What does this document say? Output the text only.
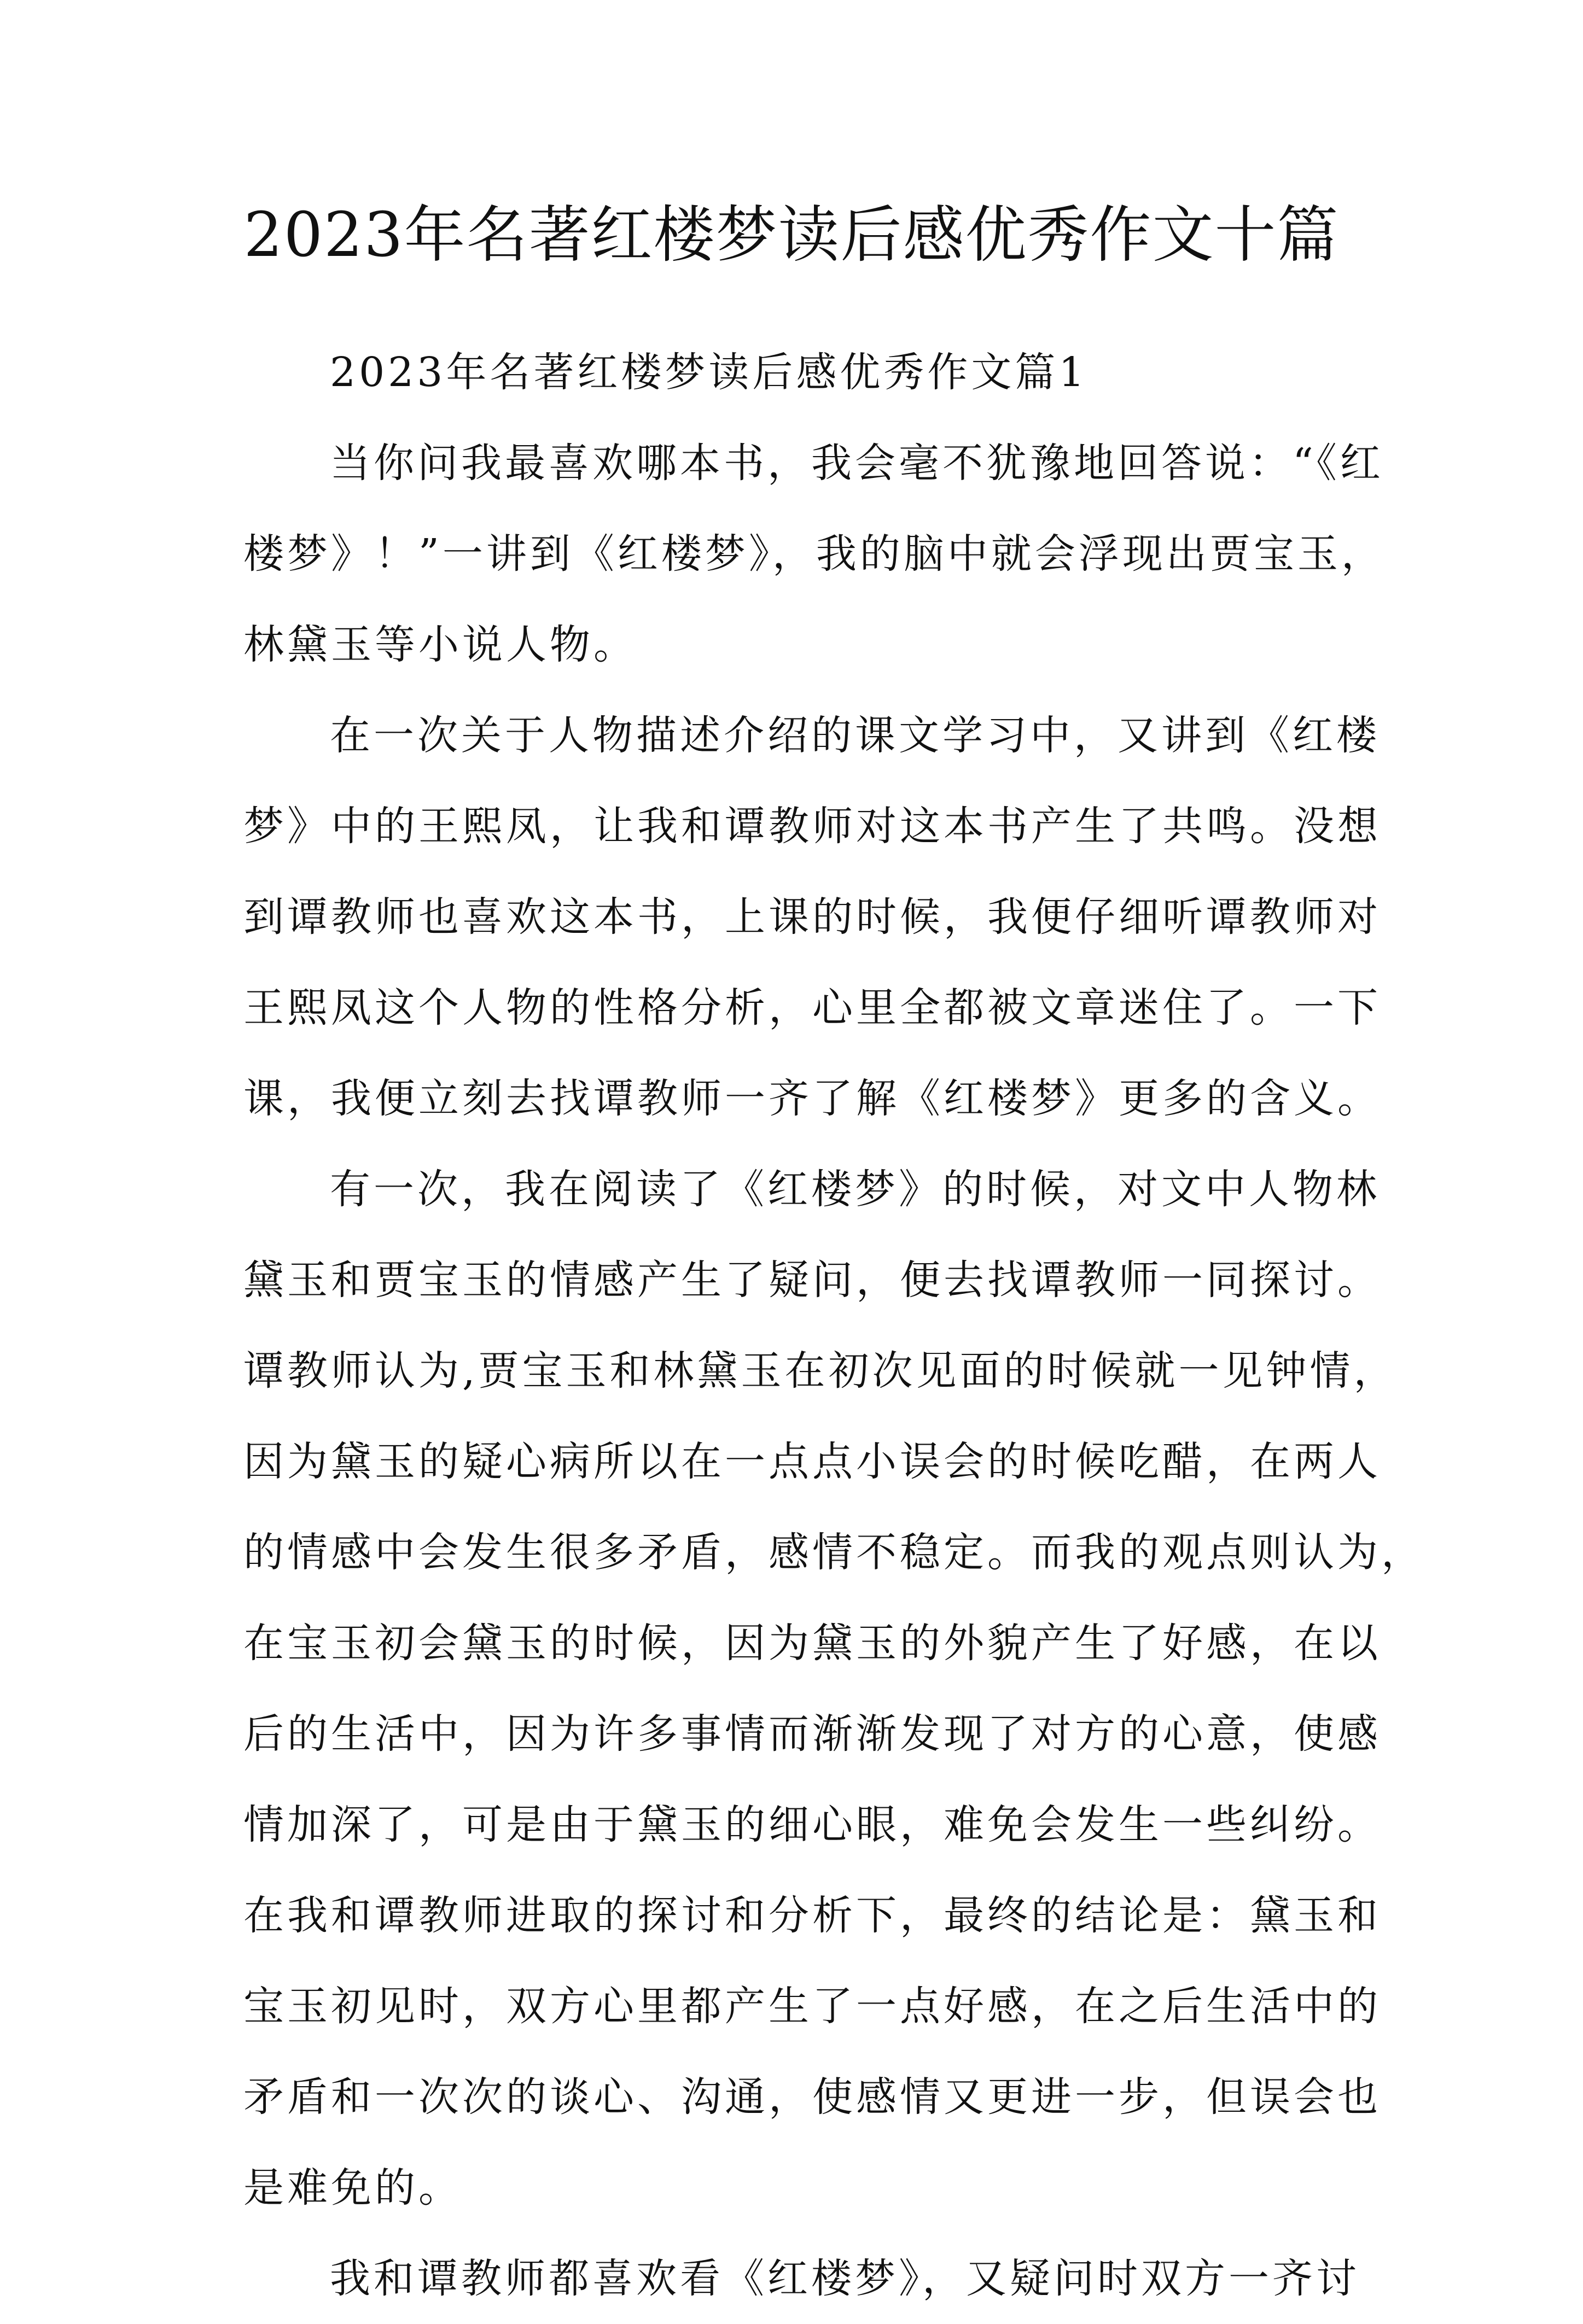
2023年名著红楼梦读后感优秀作文十篇
2023年名著红楼梦读后感优秀作文篇1
当你问我最喜欢哪本书，我会毫不犹豫地回答说：“《红
楼梦》！”一讲到《红楼梦》，我的脑中就会浮现出贾宝玉，
林黛玉等小说人物。
在一次关于人物描述介绍的课文学习中，又讲到《红楼
梦》中的王熙凤，让我和谭教师对这本书产生了共鸣。没想
到谭教师也喜欢这本书，上课的时候，我便仔细听谭教师对
王熙凤这个人物的性格分析，心里全都被文章迷住了。一下
课，我便立刻去找谭教师一齐了解《红楼梦》更多的含义。
有一次，我在阅读了《红楼梦》的时候，对文中人物林
黛玉和贾宝玉的情感产生了疑问，便去找谭教师一同探讨。
谭教师认为,贾宝玉和林黛玉在初次见面的时候就一见钟情，
因为黛玉的疑心病所以在一点点小误会的时候吃醋，在两人
的情感中会发生很多矛盾，感情不稳定。而我的观点则认为，
在宝玉初会黛玉的时候，因为黛玉的外貌产生了好感，在以
后的生活中，因为许多事情而渐渐发现了对方的心意，使感
情加深了，可是由于黛玉的细心眼，难免会发生一些纠纷。
在我和谭教师进取的探讨和分析下，最终的结论是：黛玉和
宝玉初见时，双方心里都产生了一点好感，在之后生活中的
矛盾和一次次的谈心、沟通，使感情又更进一步，但误会也
是难免的。
我和谭教师都喜欢看《红楼梦》，又疑问时双方一齐讨
